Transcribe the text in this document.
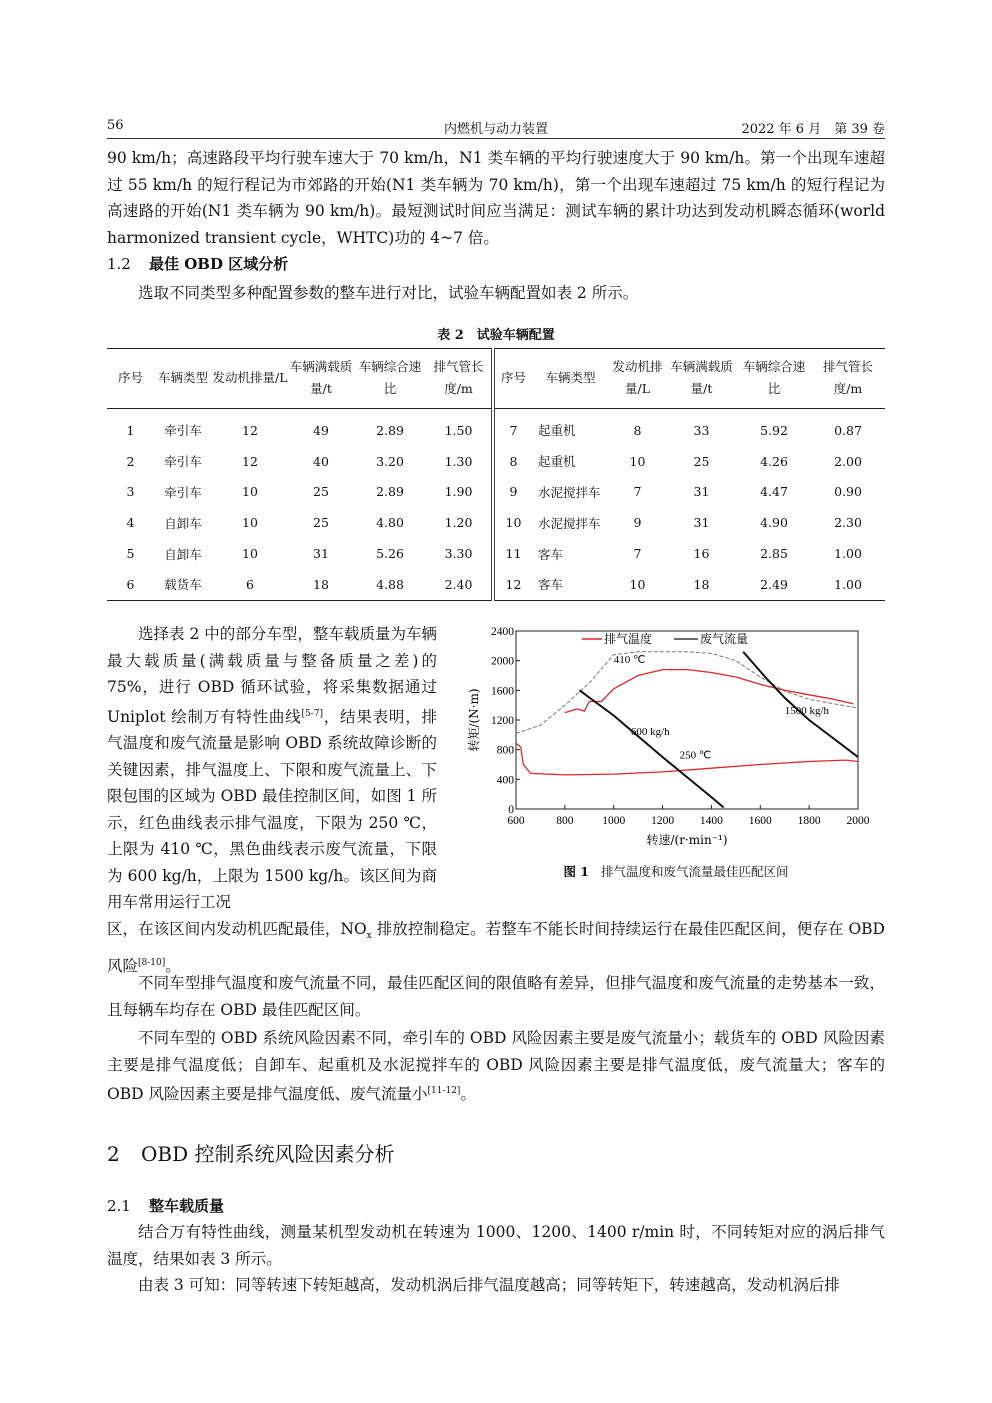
56	内燃机与动力装置	2022 年 6 月　第 39 卷

90 km/h；高速路段平均行驶车速大于 70 km/h，N1 类车辆的平均行驶速度大于 90 km/h。第一个出现车速超过 55 km/h 的短行程记为市郊路的开始(N1 类车辆为 70 km/h)，第一个出现车速超过 75 km/h 的短行程记为高速路的开始(N1 类车辆为 90 km/h)。最短测试时间应当满足：测试车辆的累计功达到发动机瞬态循环(world harmonized transient cycle，WHTC)功的 4~7 倍。

1.2 最佳 OBD 区域分析

选取不同类型多种配置参数的整车进行对比，试验车辆配置如表 2 所示。

表 2　试验车辆配置

序号	车辆类型	发动机排量/L	车辆满载质量/t	车辆综合速比	排气管长度/m	序号	车辆类型	发动机排量/L	车辆满载质量/t	车辆综合速比	排气管长度/m
1	牵引车	12	49	2.89	1.50	7	起重机	8	33	5.92	0.87
2	牵引车	12	40	3.20	1.30	8	起重机	10	25	4.26	2.00
3	牵引车	10	25	2.89	1.90	9	水泥搅拌车	7	31	4.47	0.90
4	自卸车	10	25	4.80	1.20	10	水泥搅拌车	9	31	4.90	2.30
5	自卸车	10	31	5.26	3.30	11	客车	7	16	2.85	1.00
6	载货车	6	18	4.88	2.40	12	客车	10	18	2.49	1.00

选择表 2 中的部分车型，整车载质量为车辆最大载质量(满载质量与整备质量之差)的 75%，进行 OBD 循环试验，将采集数据通过 Uniplot 绘制万有特性曲线[5-7]，结果表明，排气温度和废气流量是影响 OBD 系统故障诊断的关键因素，排气温度上、下限和废气流量上、下限包围的区域为 OBD 最佳控制区间，如图 1 所示，红色曲线表示排气温度，下限为 250 ℃，上限为 410 ℃，黑色曲线表示废气流量，下限为 600 kg/h，上限为 1500 kg/h。该区间为商用车常用运行工况

600	800 1000 1200 1400 1600 1800 2000
0
400
800
1200
1600
2000
2400
转速/(r·min⁻¹)
转矩/(N·m)
排气温度	废气流量
410 ℃
600 kg/h
1500 kg/h
250 ℃

图 1 排气温度和废气流量最佳匹配区间

区，在该区间内发动机匹配最佳，$NO_x$ 排放控制稳定。若整车不能长时间持续运行在最佳匹配区间，便存在 OBD 风险[8-10]。

不同车型排气温度和废气流量不同，最佳匹配区间的限值略有差异，但排气温度和废气流量的走势基本一致，且每辆车均存在 OBD 最佳匹配区间。

不同车型的 OBD 系统风险因素不同，牵引车的 OBD 风险因素主要是废气流量小；载货车的 OBD 风险因素主要是排气温度低；自卸车、起重机及水泥搅拌车的 OBD 风险因素主要是排气温度低，废气流量大；客车的 OBD 风险因素主要是排气温度低、废气流量小[11-12]。

2 OBD 控制系统风险因素分析

2.1 整车载质量

结合万有特性曲线，测量某机型发动机在转速为 1000、1200、1400 r/min 时，不同转矩对应的涡后排气温度，结果如表 3 所示。

由表 3 可知：同等转速下转矩越高，发动机涡后排气温度越高；同等转矩下，转速越高，发动机涡后排
